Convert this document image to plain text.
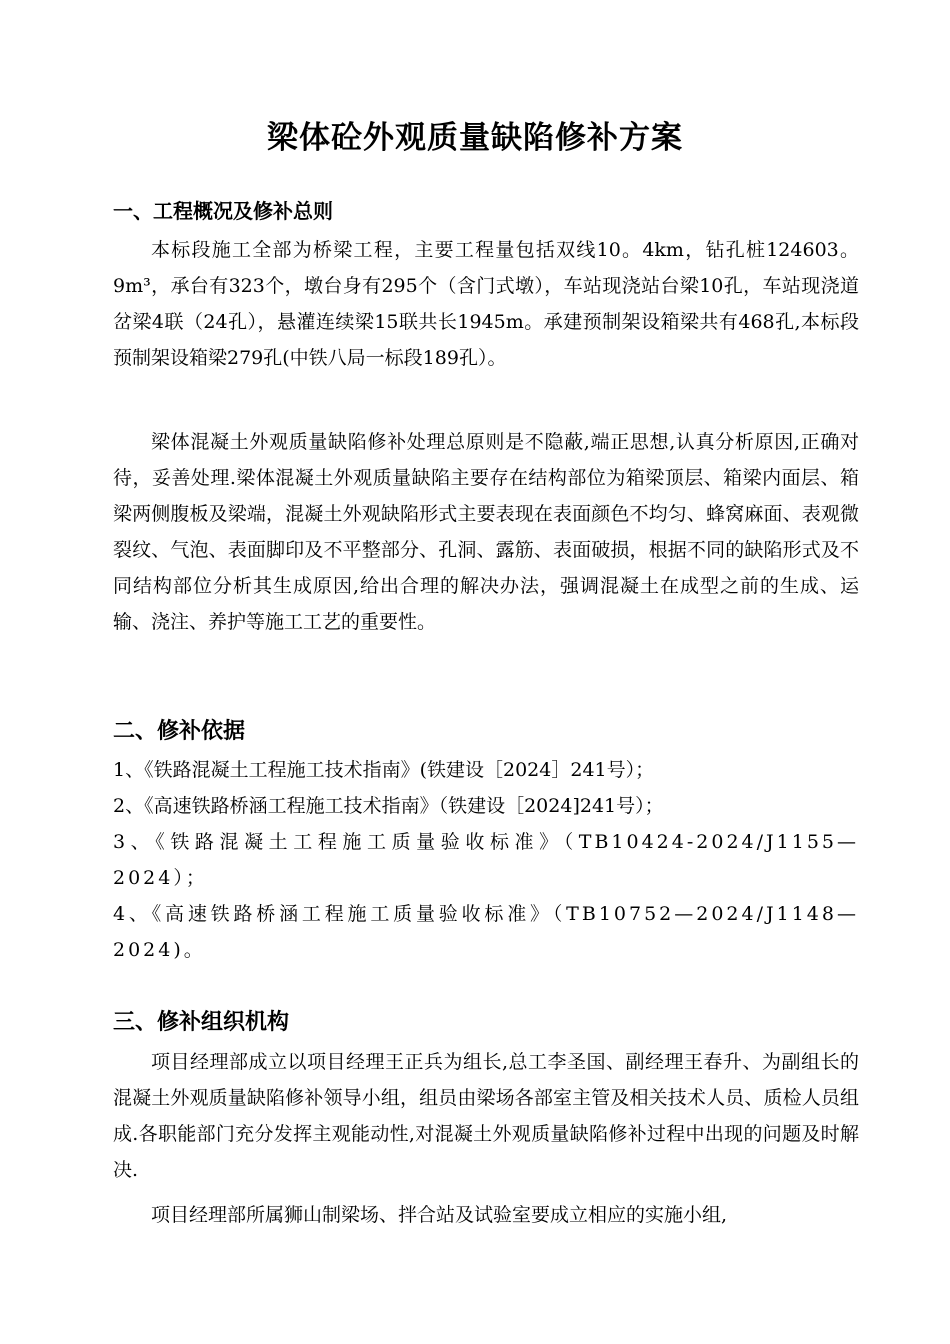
梁体砼外观质量缺陷修补方案
一、工程概况及修补总则

本标段施工全部为桥梁工程，主要工程量包括双线10。4km，钻孔桩124603。9m³，承台有323个，墩台身有295个（含门式墩），车站现浇站台梁10孔，车站现浇道岔梁4联（24孔），悬灌连续梁15联共长1945m。承建预制架设箱梁共有468孔,本标段预制架设箱梁279孔(中铁八局一标段189孔）。

梁体混凝土外观质量缺陷修补处理总原则是不隐蔽,端正思想,认真分析原因,正确对待，妥善处理.梁体混凝土外观质量缺陷主要存在结构部位为箱梁顶层、箱梁内面层、箱梁两侧腹板及梁端，混凝土外观缺陷形式主要表现在表面颜色不均匀、蜂窝麻面、表观微裂纹、气泡、表面脚印及不平整部分、孔洞、露筋、表面破损，根据不同的缺陷形式及不同结构部位分析其生成原因,给出合理的解决办法，强调混凝土在成型之前的生成、运输、浇注、养护等施工工艺的重要性。

二、修补依据
1、《铁路混凝土工程施工技术指南》(铁建设［2024］241号）；
2、《高速铁路桥涵工程施工技术指南》（铁建设［2024]241号）；
3、《铁路混凝土工程施工质量验收标准》（TB10424-2024/J1155—2024）；
4、《高速铁路桥涵工程施工质量验收标准》（TB10752—2024/J1148—2024)。
三、修补组织机构

项目经理部成立以项目经理王正兵为组长,总工李圣国、副经理王春升、为副组长的混凝土外观质量缺陷修补领导小组，组员由梁场各部室主管及相关技术人员、质检人员组成.各职能部门充分发挥主观能动性,对混凝土外观质量缺陷修补过程中出现的问题及时解决.

项目经理部所属狮山制梁场、拌合站及试验室要成立相应的实施小组,
